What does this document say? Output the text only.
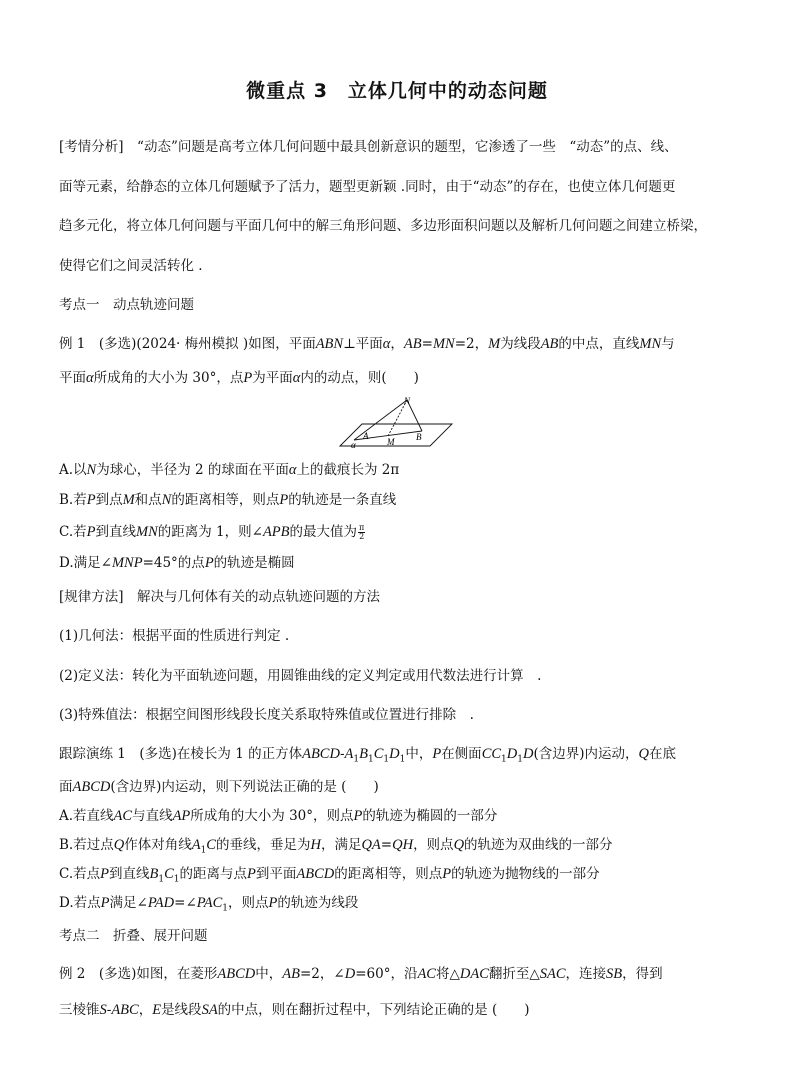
微重点 3　立体几何中的动态问题
[考情分析]　“动态”问题是高考立体几何问题中最具创新意识的题型，它渗透了一些　“动态”的点、线、
面等元素，给静态的立体几何题赋予了活力，题型更新颖 .同时，由于“动态”的存在，也使立体几何题更
趋多元化，将立体几何问题与平面几何中的解三角形问题、多边形面积问题以及解析几何问题之间建立桥梁，
使得它们之间灵活转化 .
考点一　动点轨迹问题
例 1　 (多选)(2024· 梅州模拟 )如图，平面ABN⊥平面α，AB=MN=2，M为线段AB的中点，直线MN与
平面α所成角的大小为 30°，点P为平面α内的动点，则(　　)
N
A
M B
α
A.以N为球心，半径为 2 的球面在平面α上的截痕长为 2π
B.若P到点M和点N的距离相等，则点P的轨迹是一条直线
C.若P到直线MN的距离为 1，则∠APB的最大值为 $\frac{\pi}{2}$
D.满足∠MNP=45°的点P的轨迹是椭圆
[规律方法]　解决与几何体有关的动点轨迹问题的方法
(1)几何法：根据平面的性质进行判定 .
(2)定义法：转化为平面轨迹问题，用圆锥曲线的定义判定或用代数法进行计算　.
(3)特殊值法：根据空间图形线段长度关系取特殊值或位置进行排除　.
跟踪演练 1　(多选)在棱长为 1 的正方体ABCD-$A_1B_1C_1D_1$中，P在侧面$CC_1D_1D$(含边界)内运动，Q在底
面ABCD(含边界)内运动，则下列说法正确的是 (　　)
A.若直线AC与直线AP所成角的大小为 30°，则点P的轨迹为椭圆的一部分
B.若过点Q作体对角线$A_1C$的垂线，垂足为H，满足QA=QH，则点Q的轨迹为双曲线的一部分
C.若点P到直线$B_1C_1$的距离与点P到平面ABCD的距离相等，则点P的轨迹为抛物线的一部分
D.若点P满足$\angle PAD=\angle PAC_1$，则点P的轨迹为线段
考点二　折叠、展开问题
例 2　(多选)如图，在菱形ABCD中，AB=2，∠D=60°，沿AC将△DAC翻折至△SAC，连接SB，得到
三棱锥S-ABC，E是线段SA的中点，则在翻折过程中，下列结论正确的是 (　　)
